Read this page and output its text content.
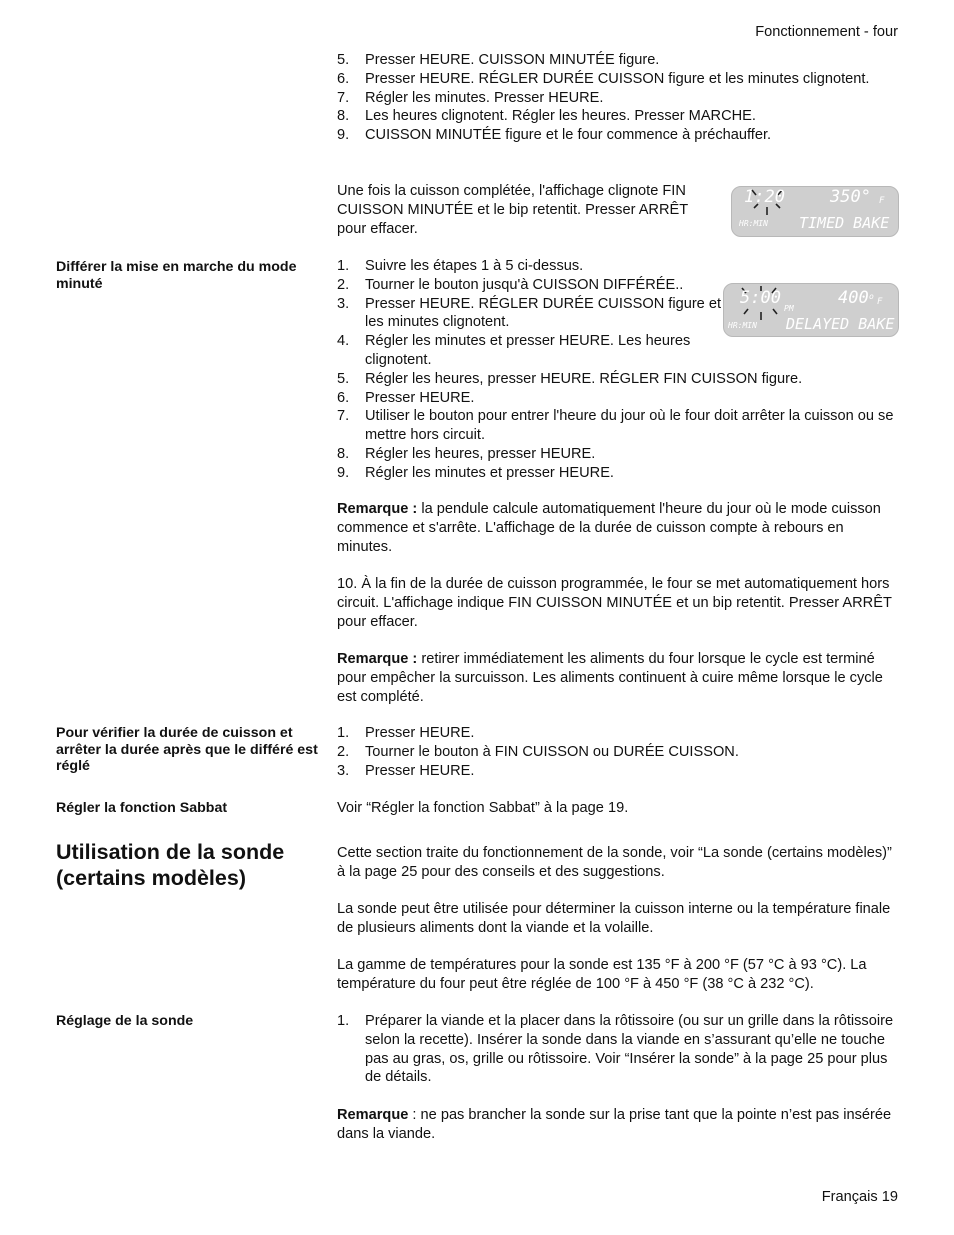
Fonctionnement - four
Français 19
5. Presser HEURE. CUISSON MINUTÉE figure.
6. Presser HEURE. RÉGLER DURÉE CUISSON figure et les minutes clignotent.
7. Régler les minutes. Presser HEURE.
8. Les heures clignotent. Régler les heures. Presser MARCHE.
9. CUISSON MINUTÉE figure et le four commence à préchauffer.

Une fois la cuisson complétée, l'affichage clignote FIN CUISSON MINUTÉE et le bip retentit. Presser ARRÊT pour effacer.

1:20	350° F
HR:MIN TIMED BAKE
Différer la mise en marche du mode minuté
1. Suivre les étapes 1 à 5 ci-dessus.
2. Tourner le bouton jusqu'à CUISSON DIFFÉRÉE..
3. Presser HEURE. RÉGLER DURÉE CUISSON figure et les minutes clignotent.
4. Régler les minutes et presser HEURE. Les heures clignotent.
5. Régler les heures, presser HEURE. RÉGLER FIN CUISSON figure.
6. Presser HEURE.
7. Utiliser le bouton pour entrer l'heure du jour où le four doit arrêter la cuisson ou se mettre hors circuit.
8. Régler les heures, presser HEURE.
9. Régler les minutes et presser HEURE.
5:00
PM
400 o
F
HR:MIN DELAYED BAKE

Remarque : la pendule calcule automatiquement l'heure du jour où le mode cuisson commence et s'arrête. L'affichage de la durée de cuisson compte à rebours en minutes.

10. À la fin de la durée de cuisson programmée, le four se met automatiquement hors circuit. L'affichage indique FIN CUISSON MINUTÉE et un bip retentit. Presser ARRÊT pour effacer.

Remarque : retirer immédiatement les aliments du four lorsque le cycle est terminé pour empêcher la surcuisson. Les aliments continuent à cuire même lorsque le cycle est complété.

Pour vérifier la durée de cuisson et arrêter la durée après que le différé est réglé
1. Presser HEURE.
2. Tourner le bouton à FIN CUISSON ou DURÉE CUISSON.
3. Presser HEURE.
Régler la fonction Sabbat	Voir “Régler la fonction Sabbat” à la page 19.

Utilisation de la sonde (certains modèles)

Cette section traite du fonctionnement de la sonde, voir “La sonde (certains modèles)” à la page 25 pour des conseils et des suggestions.

La sonde peut être utilisée pour déterminer la cuisson interne ou la température finale de plusieurs aliments dont la viande et la volaille.

La gamme de températures pour la sonde est 135 °F à 200 °F (57 °C à 93 °C). La température du four peut être réglée de 100 °F à 450 °F (38 °C à 232 °C).

Réglage de la sonde	1. Préparer la viande et la placer dans la rôtissoire (ou sur un grille dans la rôtissoire selon la recette). Insérer la sonde dans la viande en s’assurant qu’elle ne touche pas au gras, os, grille ou rôtissoire. Voir “Insérer la sonde” à la page 25 pour plus de détails.

Remarque : ne pas brancher la sonde sur la prise tant que la pointe n’est pas insérée dans la viande.
